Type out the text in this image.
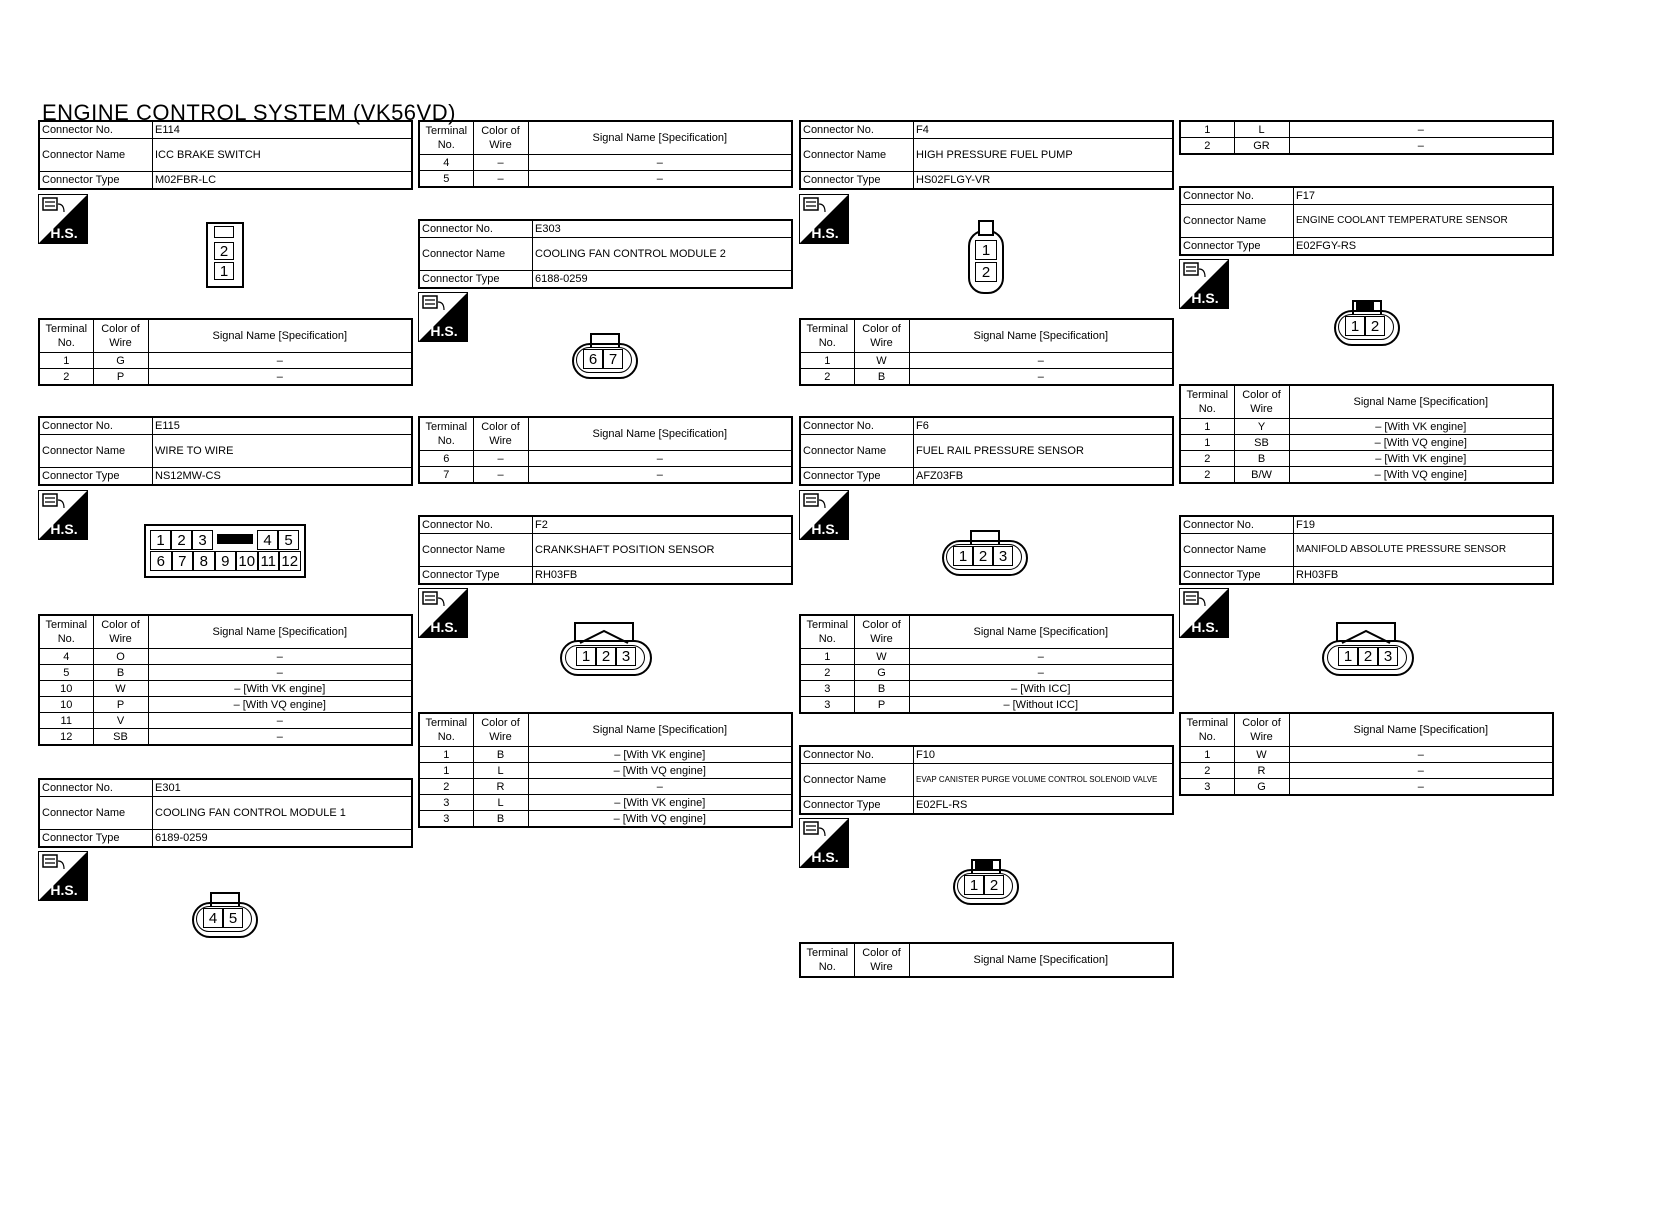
ENGINE CONTROL SYSTEM (VK56VD)
Connector No.	E114
Connector Name	ICC BRAKE SWITCH
Connector Type	M02FBR-LC
H.S.
2
1
Terminal No.	Color of Wire	Signal Name [Specification]
1	G	–
2	P	–
Connector No.	E115
Connector Name	WIRE TO WIRE
Connector Type	NS12MW-CS
H.S.
1 2 3	4 5
6 7 8 9 10 11 12
Terminal No.	Color of Wire	Signal Name [Specification]
4	O	–
5	B	–
10	W	– [With VK engine]
10	P	– [With VQ engine]
11	V	–
12	SB	–
Connector No.	E301
Connector Name	COOLING FAN CONTROL MODULE 1
Connector Type	6189-0259
H.S.
4 5
Terminal No.	Color of Wire	Signal Name [Specification]
4	–	–
5	–	–
Connector No.	E303
Connector Name	COOLING FAN CONTROL MODULE 2
Connector Type	6188-0259
H.S.
6 7
Terminal No.	Color of Wire	Signal Name [Specification]
6	–	–
7	–	–
Connector No.	F2
Connector Name	CRANKSHAFT POSITION SENSOR
Connector Type	RH03FB
H.S.
1 2 3
Terminal No.	Color of Wire	Signal Name [Specification]
1	B	– [With VK engine]
1	L	– [With VQ engine]
2	R	–
3	L	– [With VK engine]
3	B	– [With VQ engine]
Connector No.	F4
Connector Name	HIGH PRESSURE FUEL PUMP
Connector Type	HS02FLGY-VR
H.S.
1
2
Terminal No.	Color of Wire	Signal Name [Specification]
1	W	–
2	B	–
Connector No.	F6
Connector Name	FUEL RAIL PRESSURE SENSOR
Connector Type	AFZ03FB
H.S.
1 2 3
Terminal No.	Color of Wire	Signal Name [Specification]
1	W	–
2	G	–
3	B	– [With ICC]
3	P	– [Without ICC]
Connector No.	F10
Connector Name	EVAP CANISTER PURGE VOLUME CONTROL SOLENOID VALVE
Connector Type	E02FL-RS
H.S.
1 2
Terminal No.	Color of Wire	Signal Name [Specification]
1	L	–
2	GR	–
Connector No.	F17
Connector Name	ENGINE COOLANT TEMPERATURE SENSOR
Connector Type	E02FGY-RS
H.S.
1 2
Terminal No.	Color of Wire	Signal Name [Specification]
1	Y	– [With VK engine]
1	SB	– [With VQ engine]
2	B	– [With VK engine]
2	B/W	– [With VQ engine]
Connector No.	F19
Connector Name	MANIFOLD ABSOLUTE PRESSURE SENSOR
Connector Type	RH03FB
H.S.
1 2 3
Terminal No.	Color of Wire	Signal Name [Specification]
1	W	–
2	R	–
3	G	–
